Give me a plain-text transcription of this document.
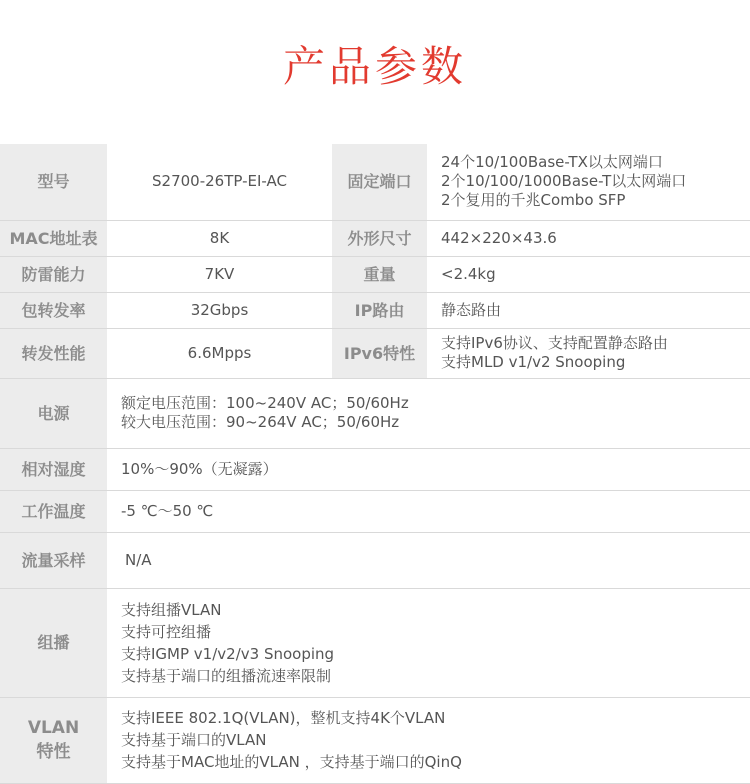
产品参数
型号	S2700-26TP-EI-AC	固定端口	24个10/100Base-TX以太网端口
2个10/100/1000Base-T以太网端口
2个复用的千兆Combo SFP

MAC地址表	8K	外形尺寸	442×220×43.6
防雷能力	7KV	重量	<2.4kg
包转发率	32Gbps	IP路由	静态路由
转发性能	6.6Mpps	IPv6特性	支持IPv6协议、支持配置静态路由
支持MLD v1/v2 Snooping

电源	额定电压范围：100~240V AC；50/60Hz
较大电压范围：90~264V AC；50/60Hz		

相对湿度	10%～90%（无凝露）		
工作温度	-5 ℃～50 ℃		
流量采样	N/A		
组播	支持组播VLAN
支持可控组播
支持IGMP v1/v2/v3 Snooping
支持基于端口的组播流速率限制		

VLAN
特性	支持IEEE 802.1Q(VLAN)，整机支持4K个VLAN
支持基于端口的VLAN
支持基于MAC地址的VLAN ，支持基于端口的QinQ		
